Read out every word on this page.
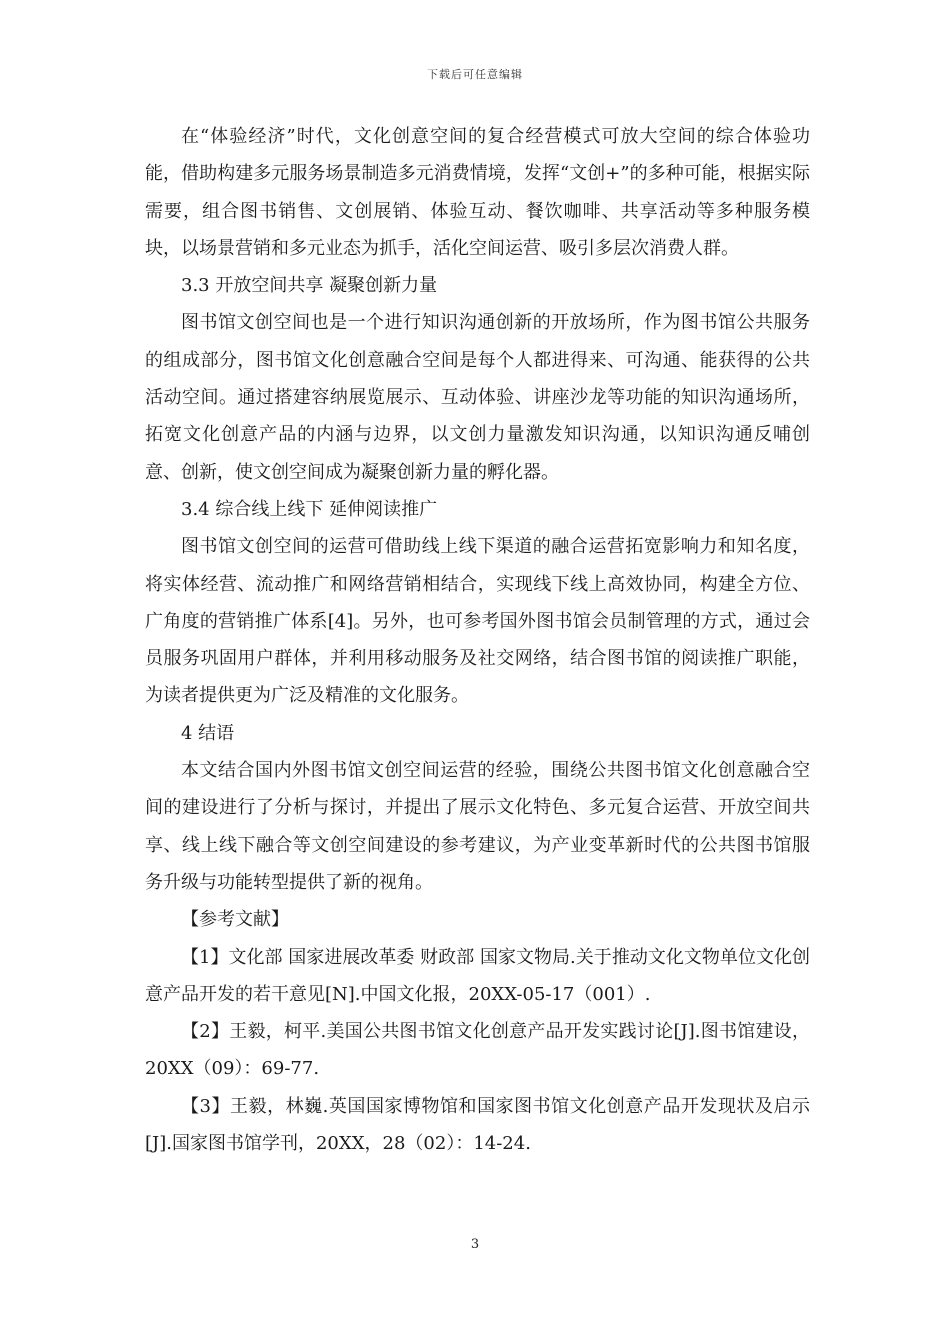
下载后可任意编辑

在“体验经济”时代，文化创意空间的复合经营模式可放大空间的综合体验功能，借助构建多元服务场景制造多元消费情境，发挥“文创+”的多种可能，根据实际需要，组合图书销售、文创展销、体验互动、餐饮咖啡、共享活动等多种服务模块，以场景营销和多元业态为抓手，活化空间运营、吸引多层次消费人群。

3.3 开放空间共享 凝聚创新力量

图书馆文创空间也是一个进行知识沟通创新的开放场所，作为图书馆公共服务的组成部分，图书馆文化创意融合空间是每个人都进得来、可沟通、能获得的公共活动空间。通过搭建容纳展览展示、互动体验、讲座沙龙等功能的知识沟通场所，拓宽文化创意产品的内涵与边界，以文创力量激发知识沟通，以知识沟通反哺创意、创新，使文创空间成为凝聚创新力量的孵化器。

3.4 综合线上线下 延伸阅读推广

图书馆文创空间的运营可借助线上线下渠道的融合运营拓宽影响力和知名度，将实体经营、流动推广和网络营销相结合，实现线下线上高效协同，构建全方位、广角度的营销推广体系[4]。另外，也可参考国外图书馆会员制管理的方式，通过会员服务巩固用户群体，并利用移动服务及社交网络，结合图书馆的阅读推广职能，为读者提供更为广泛及精准的文化服务。

4 结语

本文结合国内外图书馆文创空间运营的经验，围绕公共图书馆文化创意融合空间的建设进行了分析与探讨，并提出了展示文化特色、多元复合运营、开放空间共享、线上线下融合等文创空间建设的参考建议，为产业变革新时代的公共图书馆服务升级与功能转型提供了新的视角。

【参考文献】

【1】文化部 国家进展改革委 财政部 国家文物局.关于推动文化文物单位文化创意产品开发的若干意见[N].中国文化报，20XX-05-17（001）.

【2】王毅，柯平.美国公共图书馆文化创意产品开发实践讨论[J].图书馆建设，20XX（09）：69-77.

【3】王毅，林巍.英国国家博物馆和国家图书馆文化创意产品开发现状及启示[J].国家图书馆学刊，20XX，28（02）：14-24.

3
